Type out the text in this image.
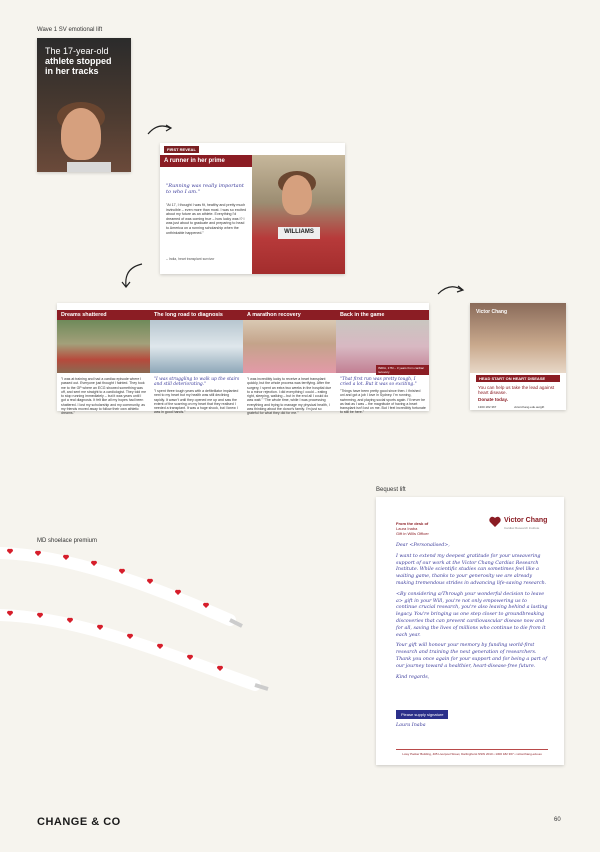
Wave 1 SV emotional lift
Bequest lift
MD shoelace premium
The 17-year-old
athlete stopped
in her tracks
FIRST REVEAL
A runner in her prime
"Running was really important to who I am."
"At 17, I thought I was fit, healthy and pretty much invincible – even more than most. I was so excited about my future as an athlete. Everything I'd dreamed of was coming true – how lucky was I? I was just about to graduate and preparing to head to America on a running scholarship when the unthinkable happened."
– India, heart transplant survivor
WILLIAMS
Dreams shattered
"I was at training and had a cardiac episode where I passed out. Everyone just thought I fainted. They took me to the GP where an ECG showed something was off, and sent me straight to a cardiologist. They told me to stop running immediately – but it was years until I got a real diagnosis. It felt like all my hopes had been shattered. I lost my scholarship and my community, as my friends moved away to follow their own athletic dreams."
The long road to diagnosis
"I was struggling to walk up the stairs and still deteriorating."
"I spent three tough years with a defibrillator implanted next to my heart but my health was still declining rapidly. It wasn't until they opened me up and saw the extent of the scarring on my heart that they realised I needed a transplant. It was a huge shock, but I knew I was in good hands."
A marathon recovery
"I was incredibly lucky to receive a heart transplant quickly, but the whole process was terrifying. After the surgery, I spent an extra two weeks in the hospital due to a minor rejection. I did everything I could – eating right, sleeping, walking – but in the end all I could do was wait." "The whole time, while I was processing everything and trying to manage my physical health, I was thinking about the donor's family. I'm just so grateful for what they did for me."
Back in the game
INDIA, 17M – 3 years from cardiac recovery
"That first run was pretty tough, I cried a lot. But it was so exciting."
"Things have been pretty good since then. I finished uni and got a job I love in Sydney. I'm running, swimming, and playing social sports again. I'll never be as fast as I was – the magnitude of having a heart transplant isn't lost on me. But I feel incredibly fortunate to still be here."
Victor Chang
HEAD START ON HEART DISEASE
You can help us take the lead against heart disease.
Donate today.
1300 182 367	victorchang.edu.au/gift
From the desk of
Laura Inaba
Gift in Wills Officer
Victor Chang
Cardiac Research Institute
Dear <Personalised>,
I want to extend my deepest gratitude for your unwavering support of our work at the Victor Chang Cardiac Research Institute. While scientific studies can sometimes feel like a waiting game, thanks to your generosity we are already making tremendous strides in advancing life-saving research.
<By considering a/Through your wonderful decision to leave a> gift in your Will, you're not only empowering us to continue crucial research, you're also leaving behind a lasting legacy. You're bringing us one step closer to groundbreaking discoveries that can prevent cardiovascular disease now and for all, saving the lives of millions who continue to die from it each year.
Your gift will honour your memory by funding world-first research and training the next generation of researchers. Thank you once again for your support and for being a part of our journey toward a healthier, heart-disease-free future.
Kind regards,
Please supply signature
Laura Inaba
Lowy Packer Building, 405 Liverpool Street, Darlinghurst NSW 2010 • 1300 182 367 • victorchang.edu.au
CHANGE & CO	60
